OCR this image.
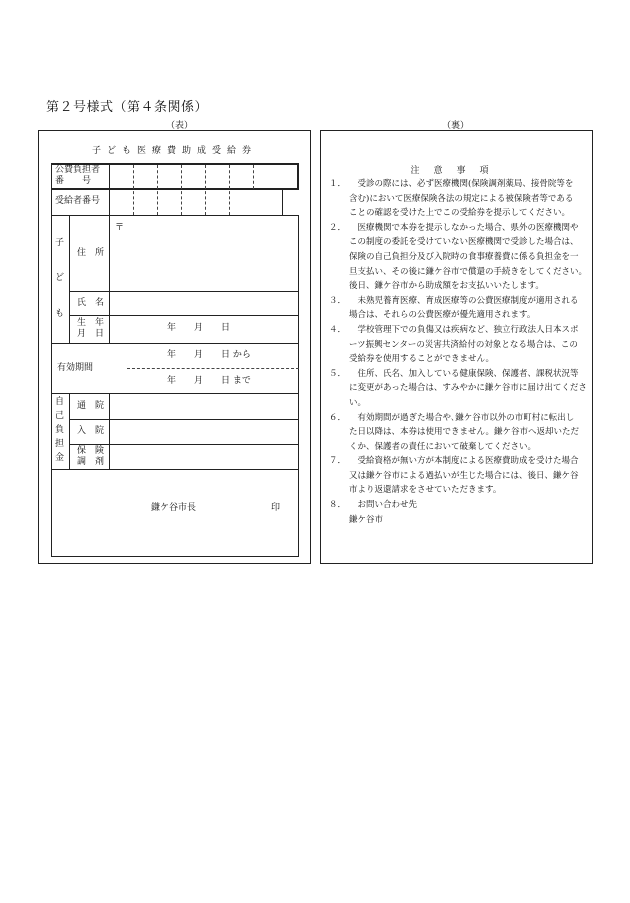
第２号様式（第４条関係）
（表）	（裏）
子ども医療費助成受給券
公費負担者
番　　号
受給者番号
子
ど
も
住　所
〒
氏　名
生　年
月　日
年　　月　　日
有効期間
年　　月　　日 から
年　　月　　日 まで
自
己
負
担
金
通　院
入　院
保　険
調　剤
鎌ケ谷市長	印
注意事項
１． 　受診の際には、必ず医療機関(保険調剤薬局、接骨院等を
含む)において医療保険各法の規定による被保険者等である
ことの確認を受けた上でこの受給券を提示してください。
２． 　医療機関で本券を提示しなかった場合、県外の医療機関や
この制度の委託を受けていない医療機関で受診した場合は、
保険の自己負担分及び入院時の食事療養費に係る負担金を一
旦支払い、その後に鎌ケ谷市で償還の手続きをしてください。
後日、鎌ケ谷市から助成額をお支払いいたします。
３． 　未熟児養育医療、育成医療等の公費医療制度が適用される
場合は、それらの公費医療が優先適用されます。
４． 　学校管理下での負傷又は疾病など、独立行政法人日本スポ
ーツ振興センターの災害共済給付の対象となる場合は、この
受給券を使用することができません。
５． 　住所、氏名、加入している健康保険、保護者、課税状況等
に変更があった場合は、すみやかに鎌ケ谷市に届け出てくださ
い。
６． 　有効期間が過ぎた場合や､鎌ケ谷市以外の市町村に転出し
た日以降は、本券は使用できません。鎌ケ谷市へ返却いただ
くか、保護者の責任において破棄してください。
７． 　受給資格が無い方が本制度による医療費助成を受けた場合
又は鎌ケ谷市による過払いが生じた場合には、後日、鎌ケ谷
市より返還請求をさせていただきます。
８． 　お問い合わせ先
鎌ケ谷市
